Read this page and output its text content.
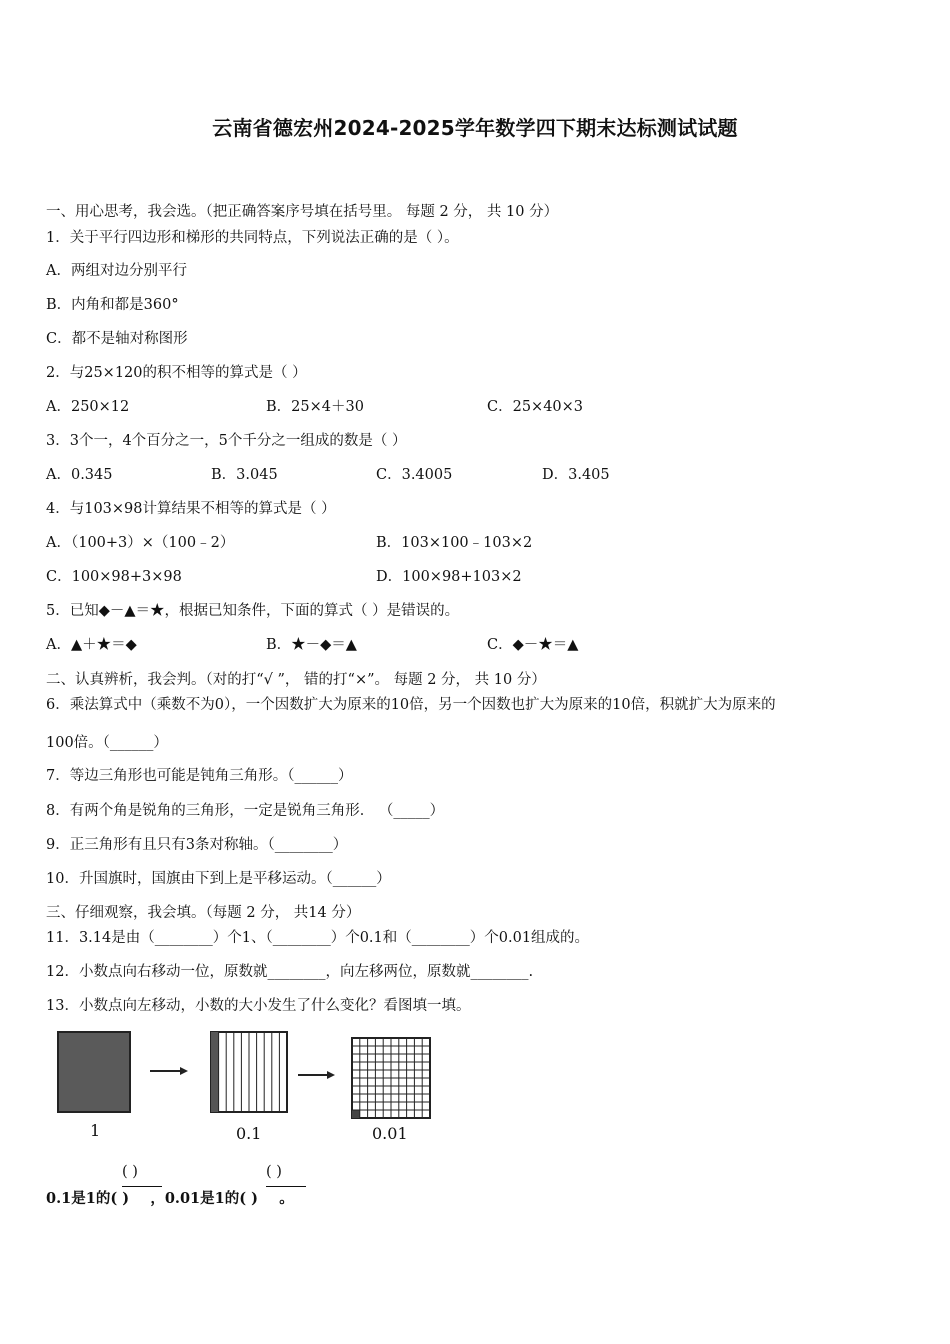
云南省德宏州2024-2025学年数学四下期末达标测试试题
一、用心思考，我会选。（把正确答案序号填在括号里。 每题 2 分， 共 10 分）
1．关于平行四边形和梯形的共同特点，下列说法正确的是（ ）。
A．两组对边分别平行
B．内角和都是360°
C．都不是轴对称图形
2．与25×120的积不相等的算式是（ ）
A．250×12	B．25×4＋30	C．25×40×3
3．3个一，4个百分之一，5个千分之一组成的数是（ ）
A．0.345	B．3.045	C．3.4005	D．3.405
4．与103×98计算结果不相等的算式是（ ）
A．（100+3）×（100﹣2）	B．103×100﹣103×2
C．100×98+3×98	D．100×98+103×2
5．已知◆－▲＝★，根据已知条件，下面的算式（ ）是错误的。
A．▲＋★＝◆	B．★－◆＝▲	C．◆－★＝▲
二、认真辨析，我会判。（对的打“√ ”， 错的打“×”。 每题 2 分， 共 10 分）
6．乘法算式中（乘数不为0），一个因数扩大为原来的10倍，另一个因数也扩大为原来的10倍，积就扩大为原来的
100倍。（______）
7．等边三角形也可能是钝角三角形。（______）
8．有两个角是锐角的三角形，一定是锐角三角形． （_____）
9．正三角形有且只有3条对称轴。（________）
10．升国旗时，国旗由下到上是平移运动。（______）
三、仔细观察，我会填。（每题 2 分， 共14 分）
11．3.14是由（________）个1、（________）个0.1和（________）个0.01组成的。
12．小数点向右移动一位，原数就________，向左移两位，原数就________.
13．小数点向左移动，小数的大小发生了什么变化？看图填一填。
1	0.1	0.01
( )	( )
0.1是1的( ) ，0.01是1的( ) 。
